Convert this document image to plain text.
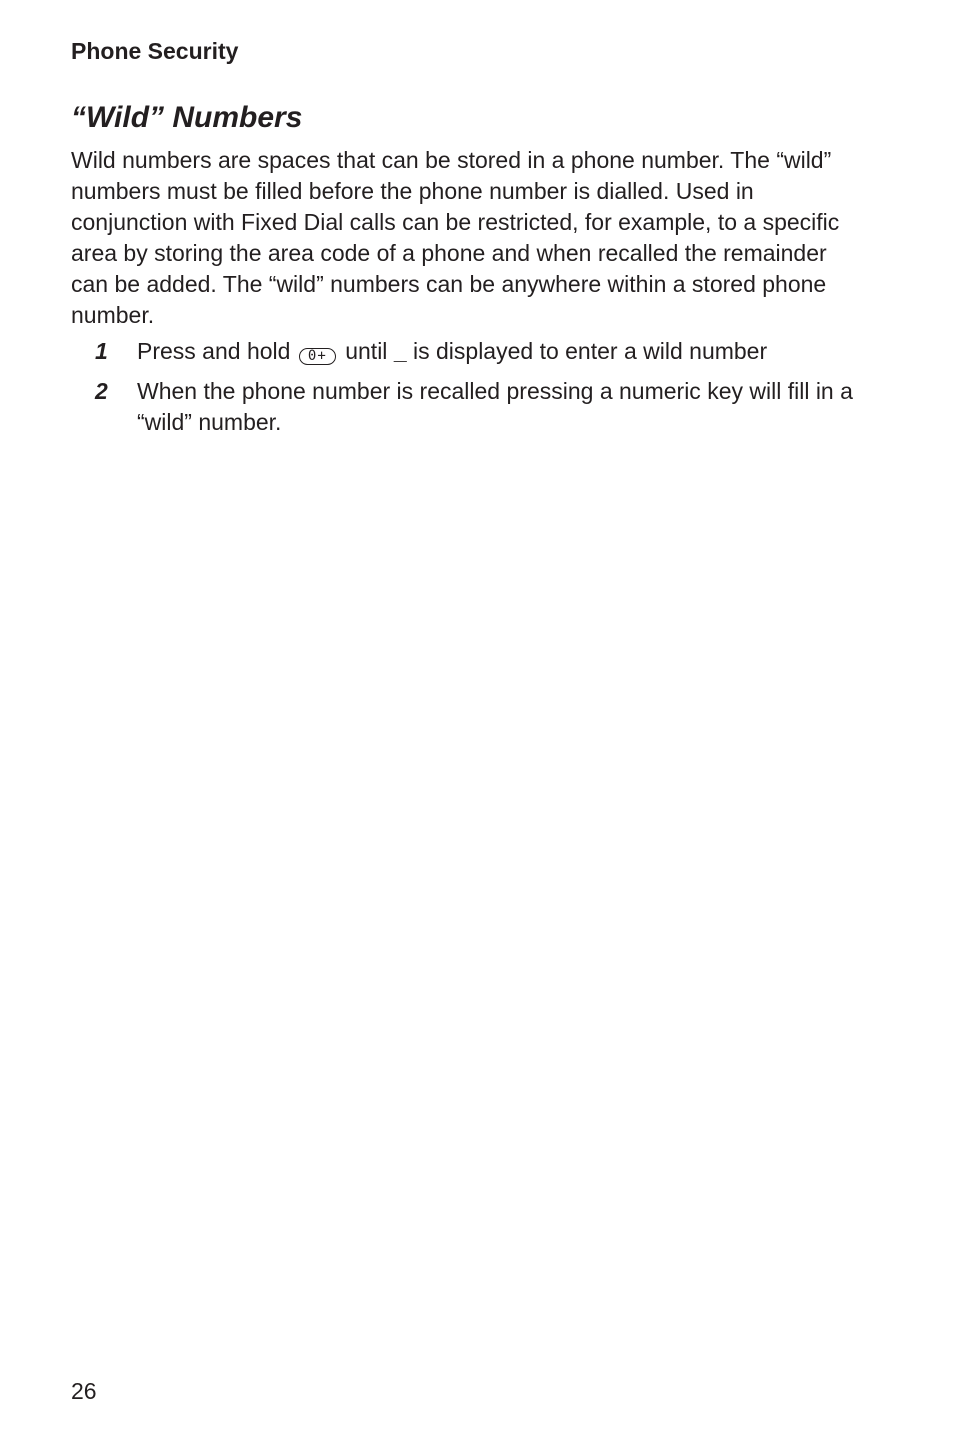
Phone Security
“Wild” Numbers

Wild numbers are spaces that can be stored in a phone number. The “wild” numbers must be filled before the phone number is dialled. Used in conjunction with Fixed Dial calls can be restricted, for example, to a specific area by storing the area code of a phone and when recalled the remainder can be added. The “wild” numbers can be anywhere within a stored phone number.

1 Press and hold 0+ until _ is displayed to enter a wild number
2 When the phone number is recalled pressing a numeric key will fill in a “wild” number.
26
